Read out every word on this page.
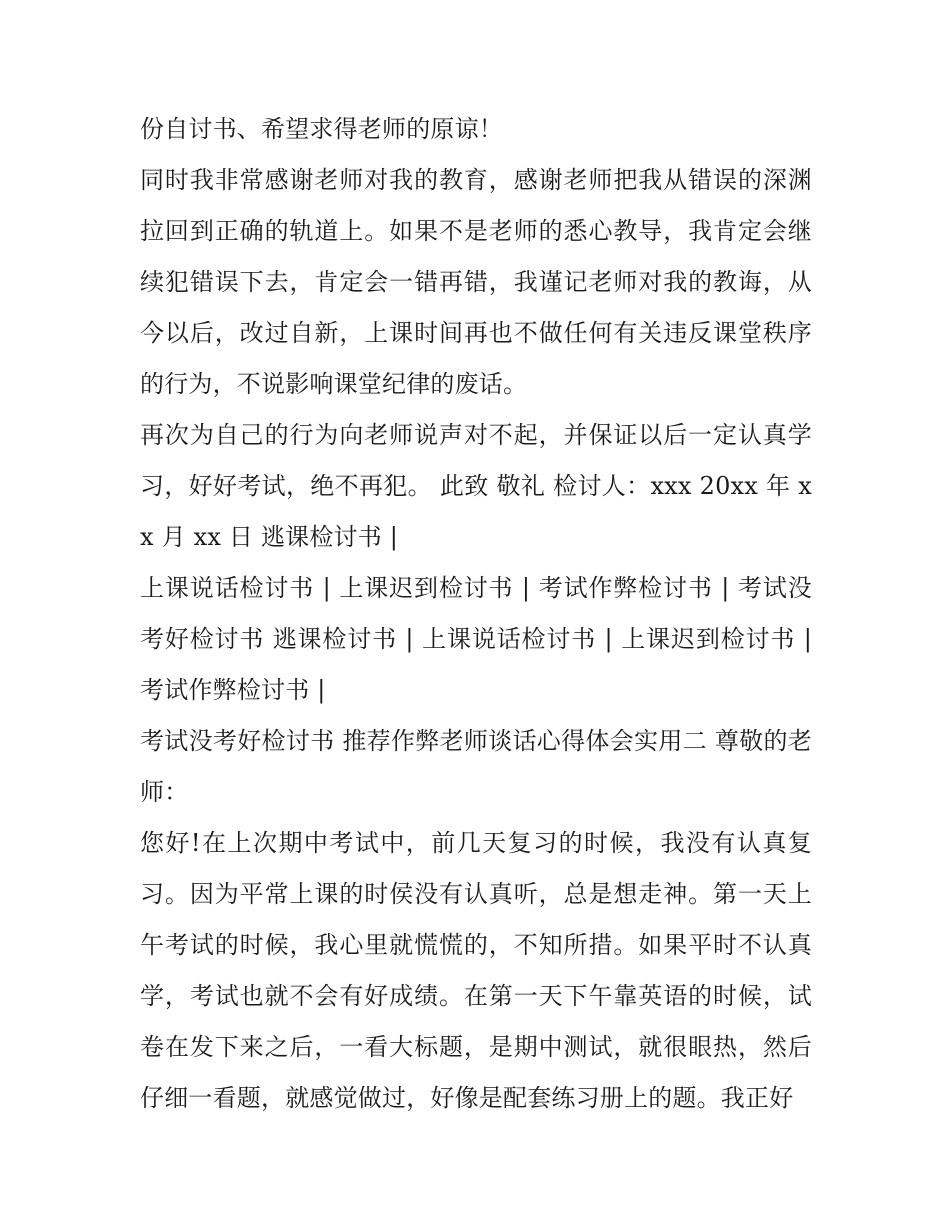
份自讨书、希望求得老师的原谅！

同时我非常感谢老师对我的教育，感谢老师把我从错误的深渊拉回到正确的轨道上。如果不是老师的悉心教导，我肯定会继续犯错误下去，肯定会一错再错，我谨记老师对我的教诲，从今以后，改过自新，上课时间再也不做任何有关违反课堂秩序的行为，不说影响课堂纪律的废话。

再次为自己的行为向老师说声对不起，并保证以后一定认真学习，好好考试，绝不再犯。 此致 敬礼 检讨人：xxx 20xx 年 xx 月 xx 日 逃课检讨书 |

上课说话检讨书 | 上课迟到检讨书 | 考试作弊检讨书 | 考试没考好检讨书 逃课检讨书 | 上课说话检讨书 | 上课迟到检讨书 | 考试作弊检讨书 |

考试没考好检讨书 推荐作弊老师谈话心得体会实用二 尊敬的老师：

您好!在上次期中考试中，前几天复习的时候，我没有认真复习。因为平常上课的时侯没有认真听，总是想走神。第一天上午考试的时候，我心里就慌慌的，不知所措。如果平时不认真学，考试也就不会有好成绩。在第一天下午靠英语的时候，试卷在发下来之后，一看大标题，是期中测试，就很眼热，然后仔细一看题，就感觉做过，好像是配套练习册上的题。我正好
